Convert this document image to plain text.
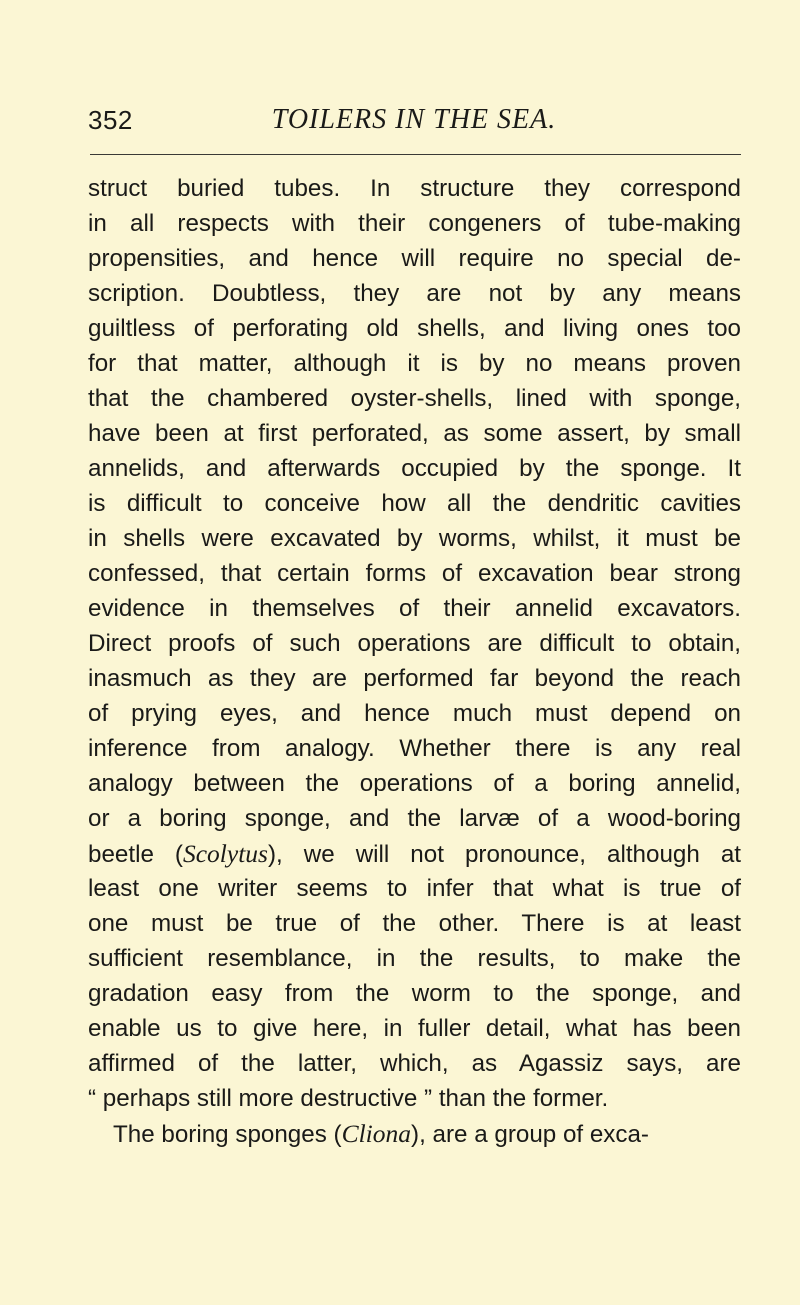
352	TOILERS IN THE SEA.
struct buried tubes. In structure they correspond
in all respects with their congeners of tube-making
propensities, and hence will require no special de-
scription. Doubtless, they are not by any means
guiltless of perforating old shells, and living ones too
for that matter, although it is by no means proven
that the chambered oyster-shells, lined with sponge,
have been at first perforated, as some assert, by small
annelids, and afterwards occupied by the sponge. It
is difficult to conceive how all the dendritic cavities
in shells were excavated by worms, whilst, it must be
confessed, that certain forms of excavation bear strong
evidence in themselves of their annelid excavators.
Direct proofs of such operations are difficult to obtain,
inasmuch as they are performed far beyond the reach
of prying eyes, and hence much must depend on
inference from analogy. Whether there is any real
analogy between the operations of a boring annelid,
or a boring sponge, and the larvæ of a wood-boring
beetle (Scolytus), we will not pronounce, although at
least one writer seems to infer that what is true of
one must be true of the other. There is at least
sufficient resemblance, in the results, to make the
gradation easy from the worm to the sponge, and
enable us to give here, in fuller detail, what has been
affirmed of the latter, which, as Agassiz says, are
“ perhaps still more destructive ” than the former.
The boring sponges (Cliona), are a group of exca-
